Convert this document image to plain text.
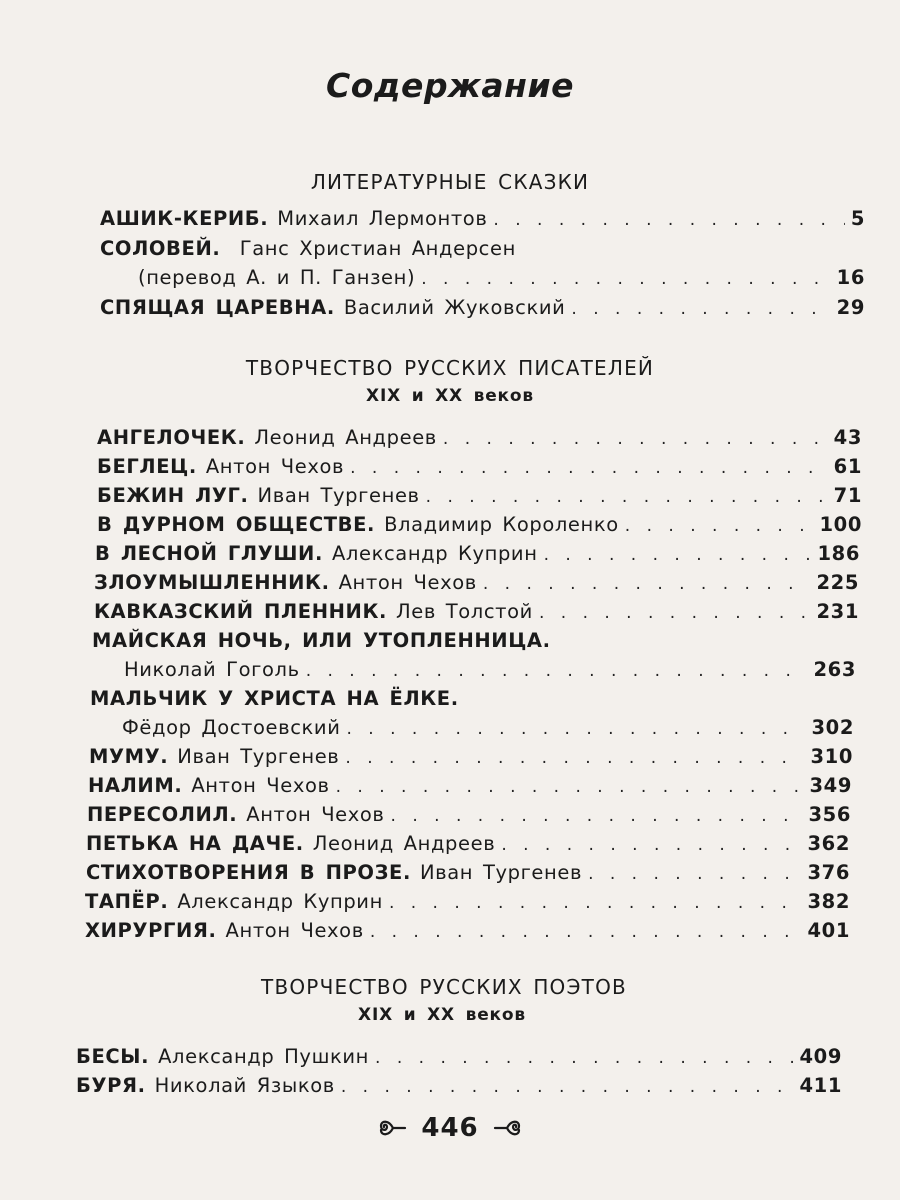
Содержание
ЛИТЕРАТУРНЫЕ СКАЗКИ
АШИК-КЕРИБ. Михаил Лермонтов . . .	5
СОЛОВЕЙ. Ганс Христиан Андерсен
(перевод А. и П. Ганзен) . . .	16
СПЯЩАЯ ЦАРЕВНА. Василий Жуковский . . .	29
ТВОРЧЕСТВО РУССКИХ ПИСАТЕЛЕЙ
XIX и XX веков
АНГЕЛОЧЕК. Леонид Андреев . . .	43
БЕГЛЕЦ. Антон Чехов . . .	61
БЕЖИН ЛУГ. Иван Тургенев . . .	71
В ДУРНОМ ОБЩЕСТВЕ. Владимир Короленко . . .	100
В ЛЕСНОЙ ГЛУШИ. Александр Куприн . . .	186
ЗЛОУМЫШЛЕННИК. Антон Чехов . . .	225
КАВКАЗСКИЙ ПЛЕННИК. Лев Толстой . . .	231
МАЙСКАЯ НОЧЬ, ИЛИ УТОПЛЕННИЦА.
Николай Гоголь . . .	263
МАЛЬЧИК У ХРИСТА НА ЁЛКЕ.
Фёдор Достоевский . . .	302
МУМУ. Иван Тургенев . . .	310
НАЛИМ. Антон Чехов . . .	349
ПЕРЕСОЛИЛ. Антон Чехов . . .	356
ПЕТЬКА НА ДАЧЕ. Леонид Андреев . . .	362
СТИХОТВОРЕНИЯ В ПРОЗЕ. Иван Тургенев . . .	376
ТАПЁР. Александр Куприн . . .	382
ХИРУРГИЯ. Антон Чехов . . .	401
ТВОРЧЕСТВО РУССКИХ ПОЭТОВ
XIX и XX веков
БЕСЫ. Александр Пушкин . . .	409
БУРЯ. Николай Языков . . .	411
446
